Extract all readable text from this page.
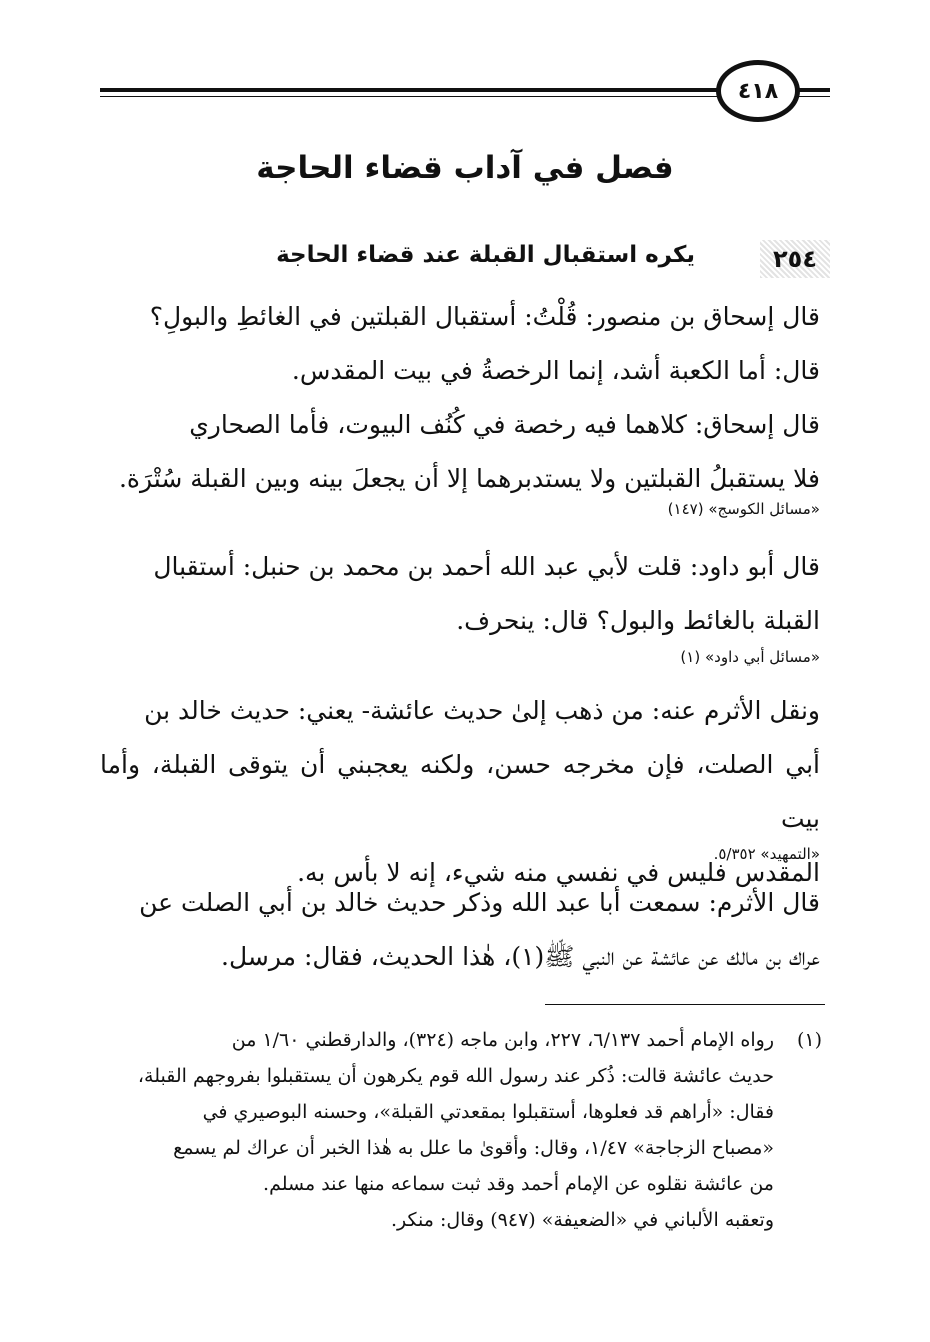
٤١٨
فصل في آداب قضاء الحاجة
٢٥٤
يكره استقبال القبلة عند قضاء الحاجة
قال إسحاق بن منصور: قُلْتُ: أستقبال القبلتين في الغائطِ والبولِ؟
قال: أما الكعبة أشد، إنما الرخصةُ في بيت المقدس.
قال إسحاق: كلاهما فيه رخصة في كُنُف البيوت، فأما الصحاري
فلا يستقبلُ القبلتين ولا يستدبرهما إلا أن يجعلَ بينه وبين القبلة سُتْرَة.
«مسائل الكوسج» (١٤٧)
قال أبو داود: قلت لأبي عبد الله أحمد بن محمد بن حنبل: أستقبال
القبلة بالغائط والبول؟ قال: ينحرف.
«مسائل أبي داود» (١)
ونقل الأثرم عنه: من ذهب إلىٰ حديث عائشة- يعني: حديث خالد بن
أبي الصلت، فإن مخرجه حسن، ولكنه يعجبني أن يتوقى القبلة، وأما بيت
المقدس فليس في نفسي منه شيء، إنه لا بأس به.
«التمهيد» ٥/٣٥٢.
قال الأثرم: سمعت أبا عبد الله وذكر حديث خالد بن أبي الصلت عن
عراك بن مالك عن عائشة عن النبي ﷺ(١)، هٰذا الحديث، فقال: مرسل.
(١)
رواه الإمام أحمد ٦/١٣٧، ٢٢٧، وابن ماجه (٣٢٤)، والدارقطني ١/٦٠ من
حديث عائشة قالت: ذُكر عند رسول الله قوم يكرهون أن يستقبلوا بفروجهم القبلة،
فقال: «أراهم قد فعلوها، أستقبلوا بمقعدتي القبلة»، وحسنه البوصيري في
«مصباح الزجاجة» ١/٤٧، وقال: وأقوىٰ ما علل به هٰذا الخبر أن عراك لم يسمع
من عائشة نقلوه عن الإمام أحمد وقد ثبت سماعه منها عند مسلم.
وتعقبه الألباني في «الضعيفة» (٩٤٧) وقال: منكر.
